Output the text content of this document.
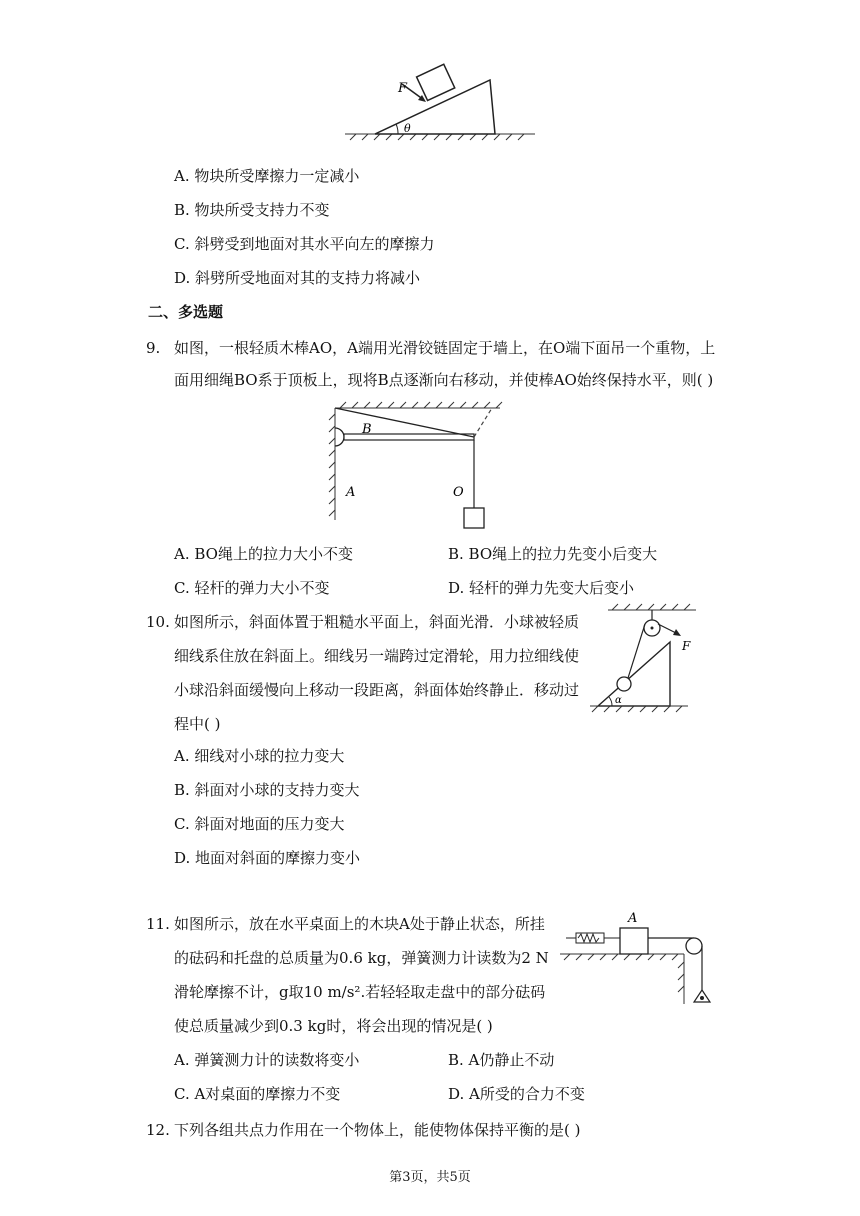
F
θ
A. 物块所受摩擦力一定减小
B. 物块所受支持力不变
C. 斜劈受到地面对其水平向左的摩擦力
D. 斜劈所受地面对其的支持力将减小
二、多选题
9. 如图，一根轻质木棒AO，A端用光滑铰链固定于墙上，在O端下面吊一个重物，上
面用细绳BO系于顶板上，现将B点逐渐向右移动，并使棒AO始终保持水平，则( )
B
A	O
A. BO绳上的拉力大小不变	B. BO绳上的拉力先变小后变大
C. 轻杆的弹力大小不变	D. 轻杆的弹力先变大后变小
10. 如图所示，斜面体置于粗糙水平面上，斜面光滑．小球被轻质
细线系住放在斜面上。细线另一端跨过定滑轮，用力拉细线使
小球沿斜面缓慢向上移动一段距离，斜面体始终静止．移动过
程中( )
F
α
A. 细线对小球的拉力变大
B. 斜面对小球的支持力变大
C. 斜面对地面的压力变大
D. 地面对斜面的摩擦力变小
11. 如图所示，放在水平桌面上的木块A处于静止状态，所挂
的砝码和托盘的总质量为0.6 kg，弹簧测力计读数为2 N
滑轮摩擦不计，g取10 m/s².若轻轻取走盘中的部分砝码
使总质量减少到0.3 kg时，将会出现的情况是( )
A
A. 弹簧测力计的读数将变小	B. A仍静止不动
C. A对桌面的摩擦力不变	D. A所受的合力不变
12. 下列各组共点力作用在一个物体上，能使物体保持平衡的是( )
第3页，共5页
